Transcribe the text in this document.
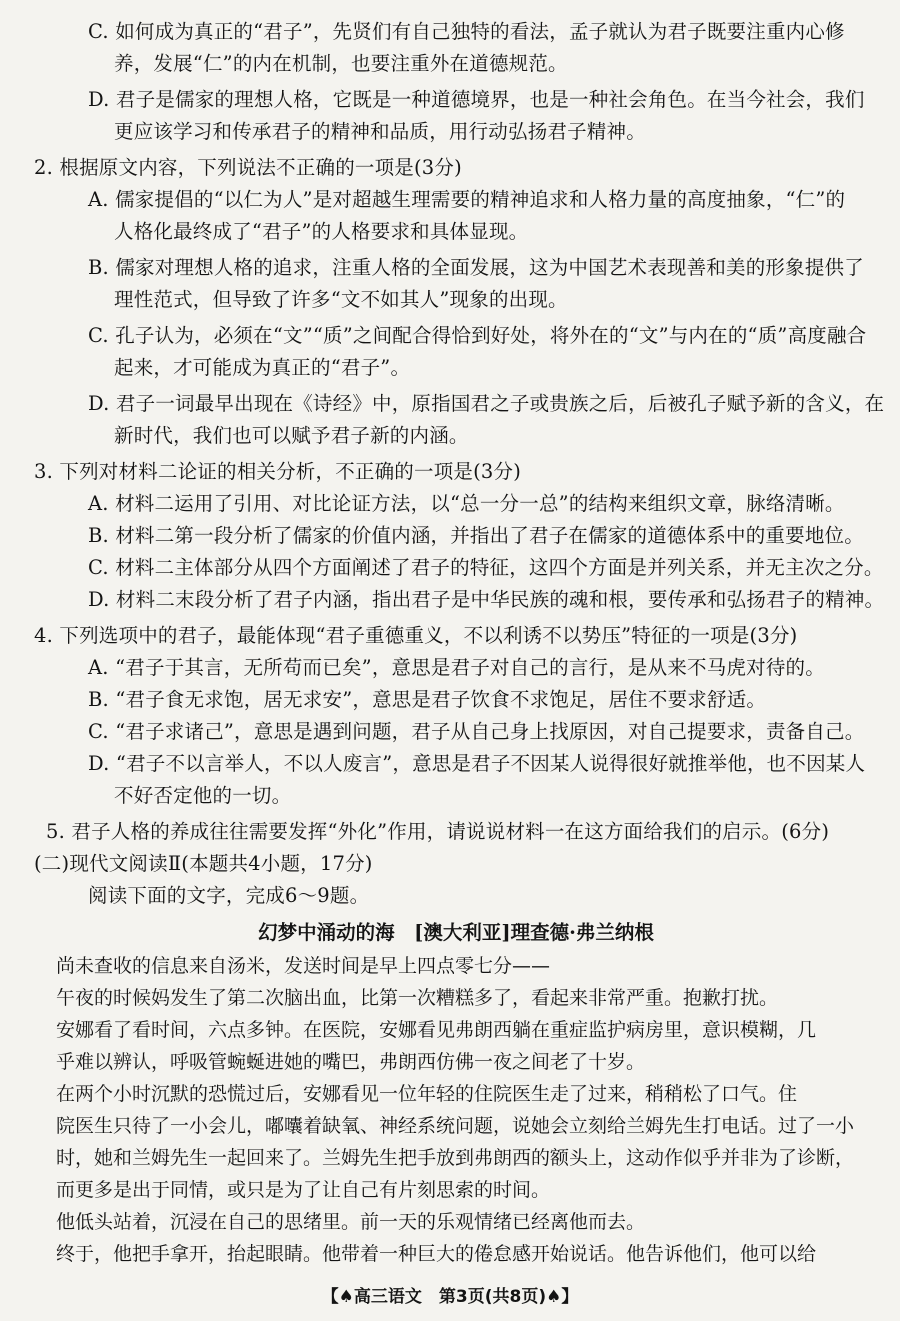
C. 如何成为真正的“君子”，先贤们有自己独特的看法，孟子就认为君子既要注重内心修
养，发展“仁”的内在机制，也要注重外在道德规范。
D. 君子是儒家的理想人格，它既是一种道德境界，也是一种社会角色。在当今社会，我们
更应该学习和传承君子的精神和品质，用行动弘扬君子精神。
2. 根据原文内容，下列说法不正确的一项是(3分)
A. 儒家提倡的“以仁为人”是对超越生理需要的精神追求和人格力量的高度抽象，“仁”的
人格化最终成了“君子”的人格要求和具体显现。
B. 儒家对理想人格的追求，注重人格的全面发展，这为中国艺术表现善和美的形象提供了
理性范式，但导致了许多“文不如其人”现象的出现。
C. 孔子认为，必须在“文”“质”之间配合得恰到好处，将外在的“文”与内在的“质”高度融合
起来，才可能成为真正的“君子”。
D. 君子一词最早出现在《诗经》中，原指国君之子或贵族之后，后被孔子赋予新的含义，在
新时代，我们也可以赋予君子新的内涵。
3. 下列对材料二论证的相关分析，不正确的一项是(3分)
A. 材料二运用了引用、对比论证方法，以“总一分一总”的结构来组织文章，脉络清晰。
B. 材料二第一段分析了儒家的价值内涵，并指出了君子在儒家的道德体系中的重要地位。
C. 材料二主体部分从四个方面阐述了君子的特征，这四个方面是并列关系，并无主次之分。
D. 材料二末段分析了君子内涵，指出君子是中华民族的魂和根，要传承和弘扬君子的精神。
4. 下列选项中的君子，最能体现“君子重德重义，不以利诱不以势压”特征的一项是(3分)
A. “君子于其言，无所苟而已矣”，意思是君子对自己的言行，是从来不马虎对待的。
B. “君子食无求饱，居无求安”，意思是君子饮食不求饱足，居住不要求舒适。
C. “君子求诸己”，意思是遇到问题，君子从自己身上找原因，对自己提要求，责备自己。
D. “君子不以言举人，不以人废言”，意思是君子不因某人说得很好就推举他，也不因某人
不好否定他的一切。
5. 君子人格的养成往往需要发挥“外化”作用，请说说材料一在这方面给我们的启示。(6分)
(二)现代文阅读Ⅱ(本题共4小题，17分)
阅读下面的文字，完成6～9题。
幻梦中涌动的海　[澳大利亚]理查德·弗兰纳根
尚未查收的信息来自汤米，发送时间是早上四点零七分——
午夜的时候妈发生了第二次脑出血，比第一次糟糕多了，看起来非常严重。抱歉打扰。
安娜看了看时间，六点多钟。在医院，安娜看见弗朗西躺在重症监护病房里，意识模糊，几
乎难以辨认，呼吸管蜿蜒进她的嘴巴，弗朗西仿佛一夜之间老了十岁。
在两个小时沉默的恐慌过后，安娜看见一位年轻的住院医生走了过来，稍稍松了口气。住
院医生只待了一小会儿，嘟囔着缺氧、神经系统问题，说她会立刻给兰姆先生打电话。过了一小
时，她和兰姆先生一起回来了。兰姆先生把手放到弗朗西的额头上，这动作似乎并非为了诊断，
而更多是出于同情，或只是为了让自己有片刻思索的时间。
他低头站着，沉浸在自己的思绪里。前一天的乐观情绪已经离他而去。
终于，他把手拿开，抬起眼睛。他带着一种巨大的倦怠感开始说话。他告诉他们，他可以给
【♠高三语文　第3页(共8页)♠】
